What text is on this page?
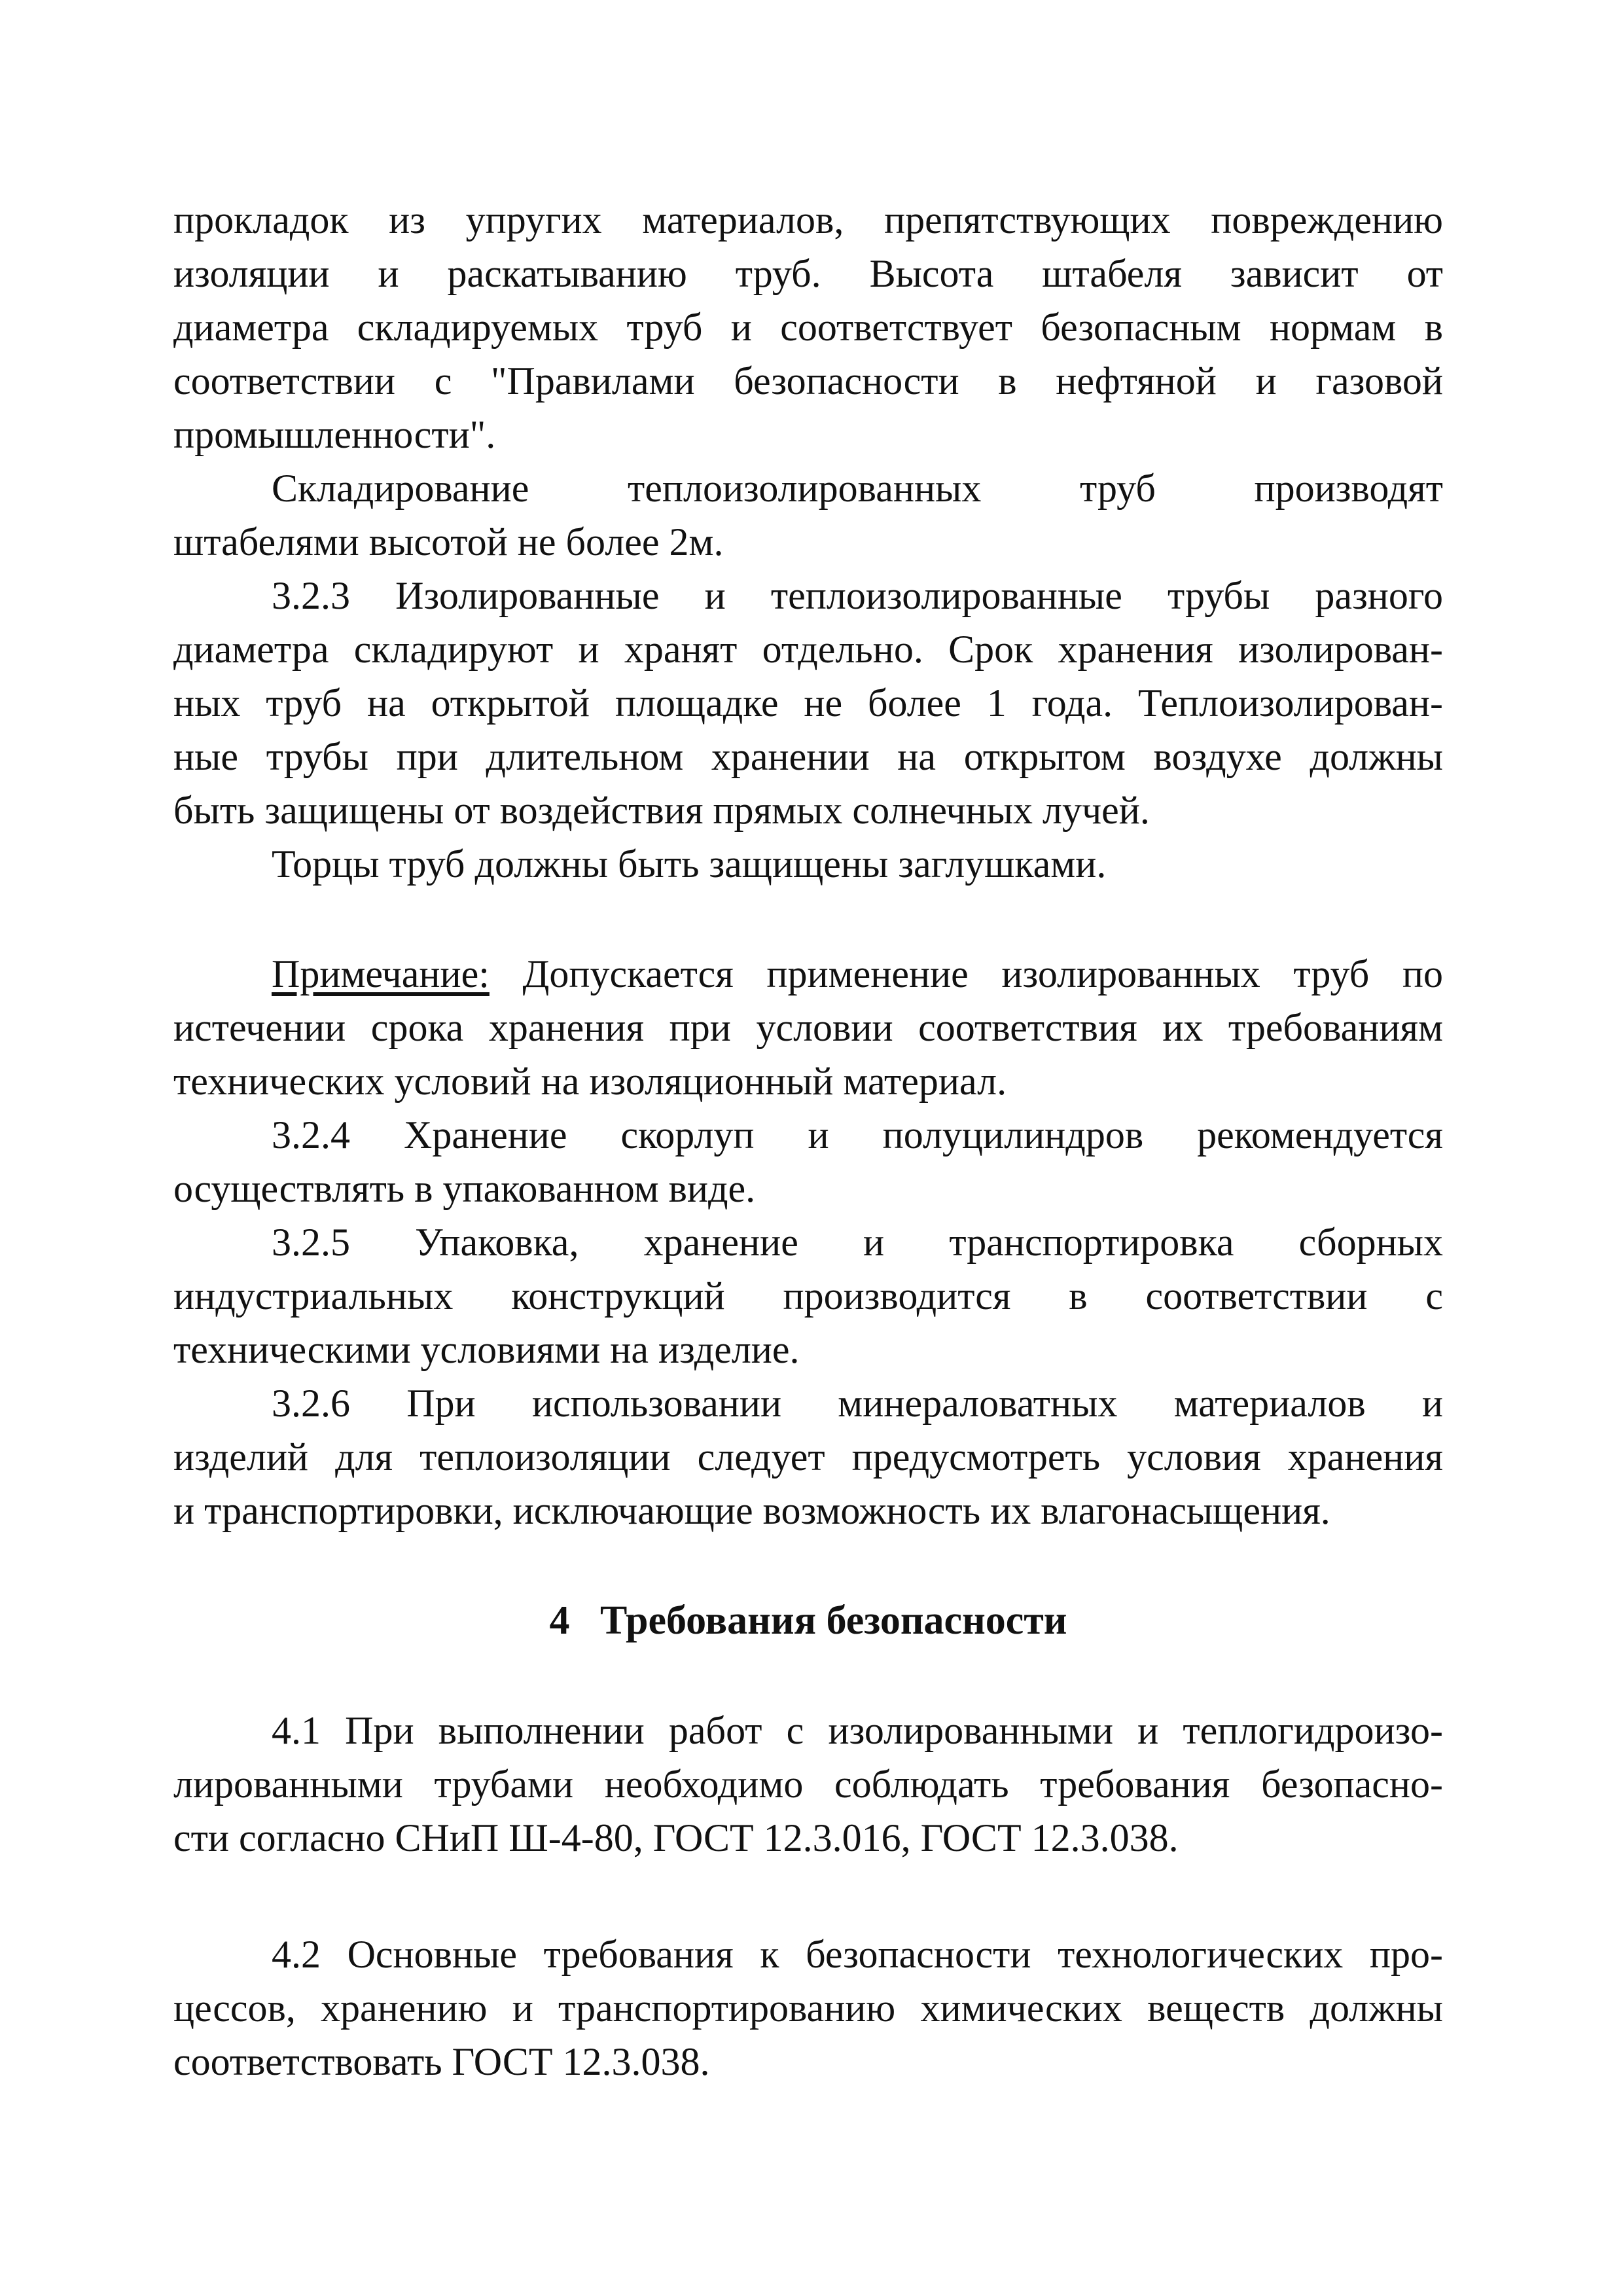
прокладок из упругих материалов, препятствующих повреждению
изоляции и раскатыванию труб. Высота штабеля зависит от
диаметра складируемых труб и соответствует безопасным нормам в
соответствии с "Правилами безопасности в нефтяной и газовой
промышленности".
Складирование теплоизолированных труб производят
штабелями высотой не более 2м.
3.2.3 Изолированные и теплоизолированные трубы разного
диаметра складируют и хранят отдельно. Срок хранения изолирован-
ных труб на открытой площадке не более 1 года. Теплоизолирован-
ные трубы при длительном хранении на открытом воздухе должны
быть защищены от воздействия прямых солнечных лучей.
Торцы труб должны быть защищены заглушками.
Примечание: Допускается применение изолированных труб по
истечении срока хранения при условии соответствия их требованиям
технических условий на изоляционный материал.
3.2.4 Хранение скорлуп и полуцилиндров рекомендуется
осуществлять в упакованном виде.
3.2.5 Упаковка, хранение и транспортировка сборных
индустриальных конструкций производится в соответствии с
техническими условиями на изделие.
3.2.6 При использовании минераловатных материалов и
изделий для теплоизоляции следует предусмотреть условия хранения
и транспортировки, исключающие возможность их влагонасыщения.
4 Требования безопасности
4.1 При выполнении работ с изолированными и теплогидроизо-
лированными трубами необходимо соблюдать требования безопасно-
сти согласно СНиП Ш-4-80, ГОСТ 12.3.016, ГОСТ 12.3.038.
4.2 Основные требования к безопасности технологических про-
цессов, хранению и транспортированию химических веществ должны
соответствовать ГОСТ 12.3.038.
